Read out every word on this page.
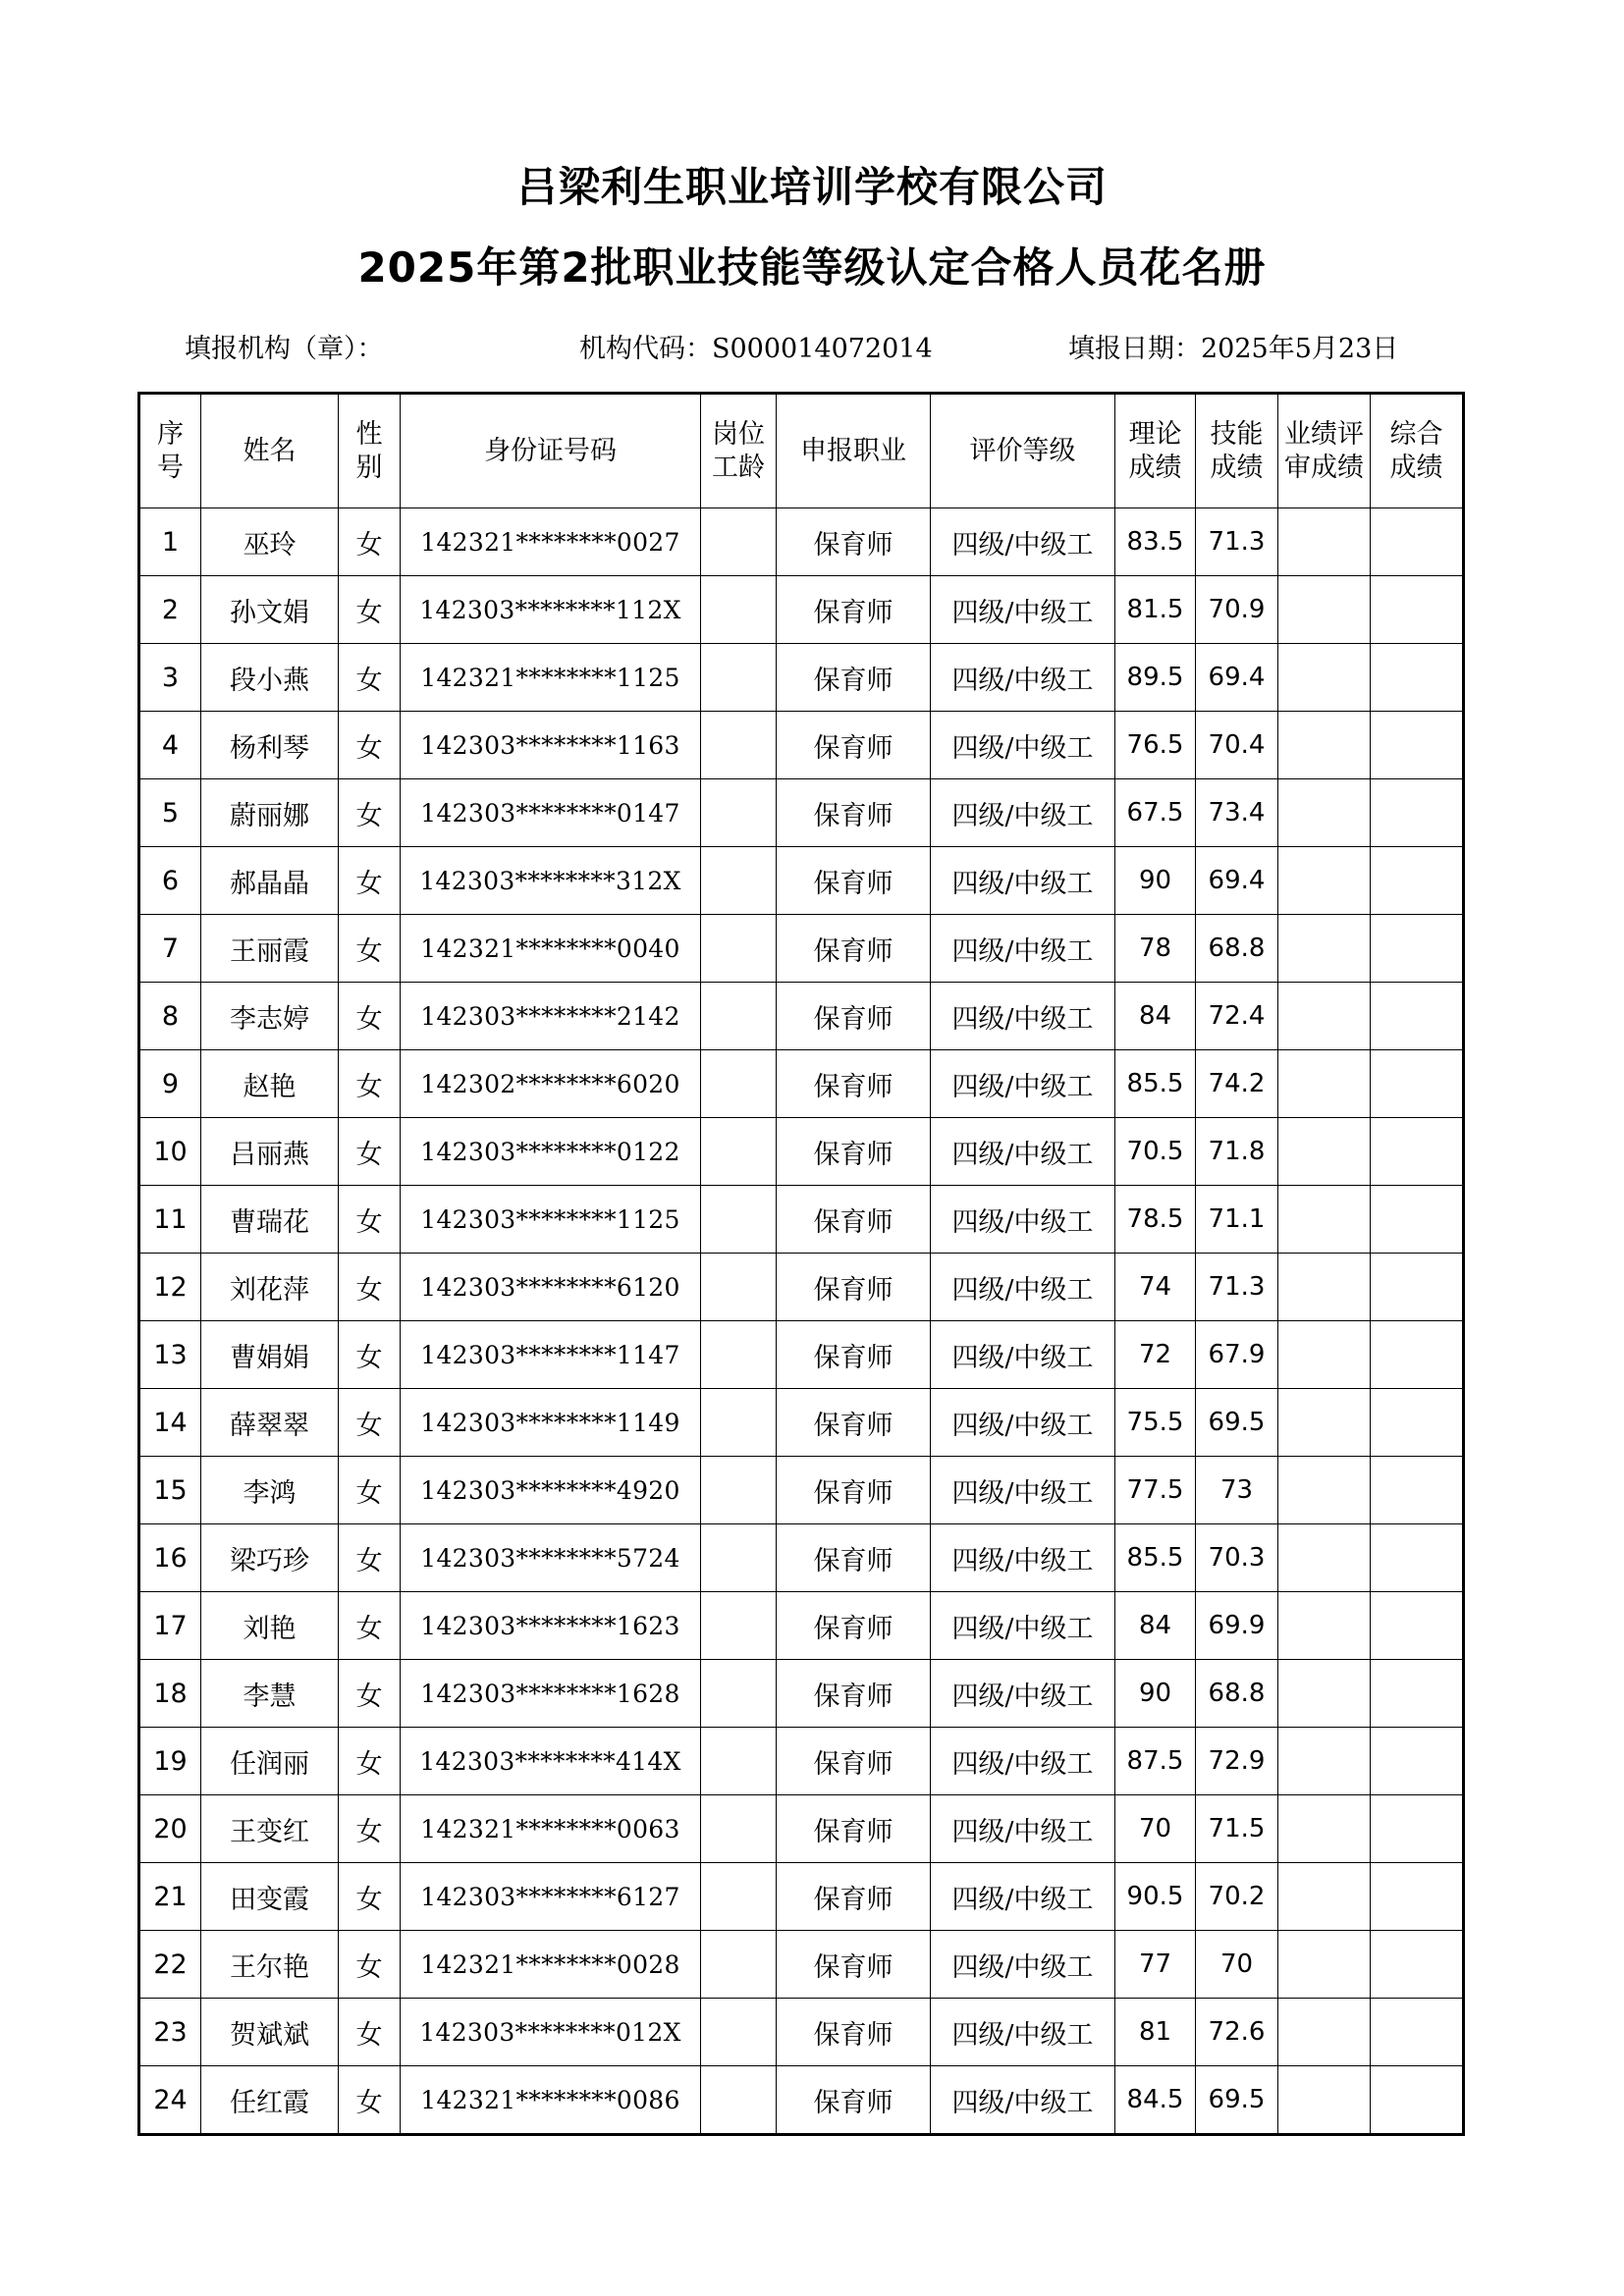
吕梁利生职业培训学校有限公司
2025年第2批职业技能等级认定合格人员花名册
填报机构（章）：	机构代码：S000014072014	填报日期：2025年5月23日
序号	姓名	性别	身份证号码	岗位工龄	申报职业	评价等级	理论成绩	技能成绩	业绩评审成绩	综合成绩
1	巫玲	女	142321********0027		保育师	四级/中级工	83.5	71.3		
2	孙文娟	女	142303********112X		保育师	四级/中级工	81.5	70.9		
3	段小燕	女	142321********1125		保育师	四级/中级工	89.5	69.4		
4	杨利琴	女	142303********1163		保育师	四级/中级工	76.5	70.4		
5	蔚丽娜	女	142303********0147		保育师	四级/中级工	67.5	73.4		
6	郝晶晶	女	142303********312X		保育师	四级/中级工	90	69.4		
7	王丽霞	女	142321********0040		保育师	四级/中级工	78	68.8		
8	李志婷	女	142303********2142		保育师	四级/中级工	84	72.4		
9	赵艳	女	142302********6020		保育师	四级/中级工	85.5	74.2		
10	吕丽燕	女	142303********0122		保育师	四级/中级工	70.5	71.8		
11	曹瑞花	女	142303********1125		保育师	四级/中级工	78.5	71.1		
12	刘花萍	女	142303********6120		保育师	四级/中级工	74	71.3		
13	曹娟娟	女	142303********1147		保育师	四级/中级工	72	67.9		
14	薛翠翠	女	142303********1149		保育师	四级/中级工	75.5	69.5		
15	李鸿	女	142303********4920		保育师	四级/中级工	77.5	73		
16	梁巧珍	女	142303********5724		保育师	四级/中级工	85.5	70.3		
17	刘艳	女	142303********1623		保育师	四级/中级工	84	69.9		
18	李慧	女	142303********1628		保育师	四级/中级工	90	68.8		
19	任润丽	女	142303********414X		保育师	四级/中级工	87.5	72.9		
20	王变红	女	142321********0063		保育师	四级/中级工	70	71.5		
21	田变霞	女	142303********6127		保育师	四级/中级工	90.5	70.2		
22	王尔艳	女	142321********0028		保育师	四级/中级工	77	70		
23	贺斌斌	女	142303********012X		保育师	四级/中级工	81	72.6		
24	任红霞	女	142321********0086		保育师	四级/中级工	84.5	69.5		
